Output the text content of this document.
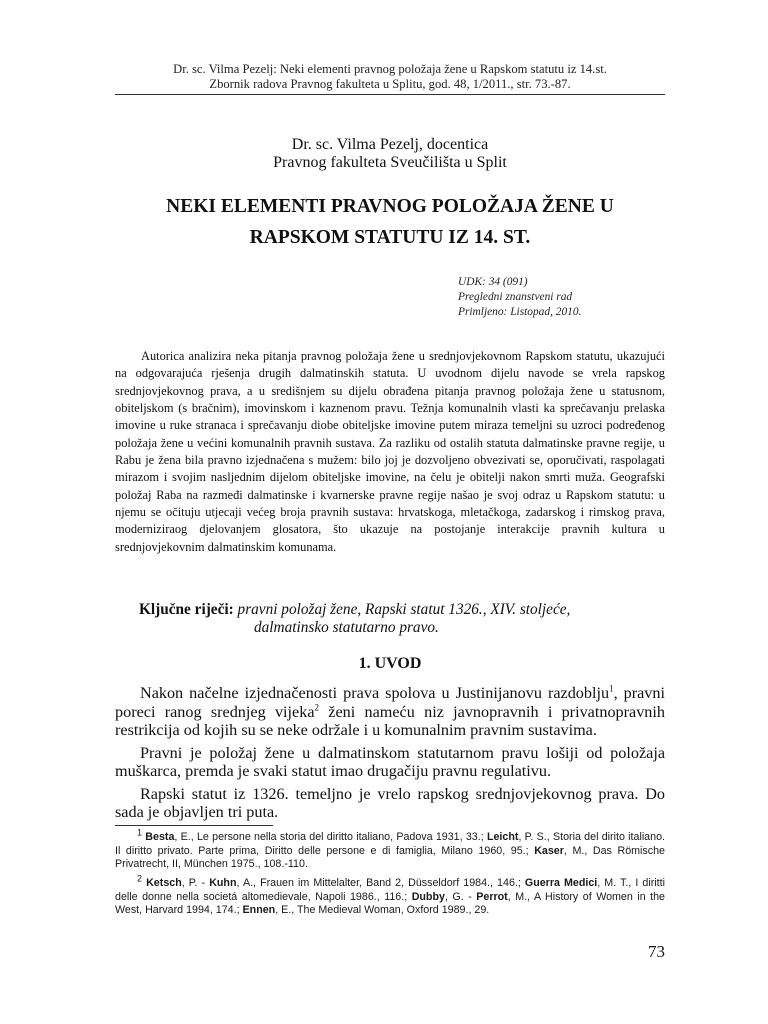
Dr. sc. Vilma Pezelj: Neki elementi pravnog položaja žene u Rapskom statutu iz 14.st.
Zbornik radova Pravnog fakulteta u Splitu, god. 48, 1/2011., str. 73.-87.
Dr. sc. Vilma Pezelj, docentica
Pravnog fakulteta Sveučilišta u Split
NEKI ELEMENTI PRAVNOG POLOŽAJA ŽENE U
RAPSKOM STATUTU IZ 14. ST.
UDK: 34 (091)
Pregledni znanstveni rad
Primljeno: Listopad, 2010.

Autorica analizira neka pitanja pravnog položaja žene u srednjovjekovnom Rapskom statutu, ukazujući na odgovarajuća rješenja drugih dalmatinskih statuta. U uvodnom dijelu navode se vrela rapskog srednjovjekovnog prava, a u središnjem su dijelu obrađena pitanja pravnog položaja žene u statusnom, obiteljskom (s bračnim), imovinskom i kaznenom pravu. Težnja komunalnih vlasti ka sprečavanju prelaska imovine u ruke stranaca i sprečavanju diobe obiteljske imovine putem miraza temeljni su uzroci podređenog položaja žene u većini komunalnih pravnih sustava. Za razliku od ostalih statuta dalmatinske pravne regije, u Rabu je žena bila pravno izjednačena s mužem: bilo joj je dozvoljeno obvezivati se, oporučivati, raspolagati mirazom i svojim nasljednim dijelom obiteljske imovine, na čelu je obitelji nakon smrti muža. Geografski položaj Raba na razmeđi dalmatinske i kvarnerske pravne regije našao je svoj odraz u Rapskom statutu: u njemu se očituju utjecaji većeg broja pravnih sustava: hrvatskoga, mletačkoga, zadarskog i rimskog prava, moderniziraog djelovanjem glosatora, što ukazuje na postojanje interakcije pravnih kultura u srednjovjekovnim dalmatinskim komunama.

Ključne riječi: pravni položaj žene, Rapski statut 1326., XIV. stoljeće,
dalmatinsko statutarno pravo.
1. UVOD

Nakon načelne izjednačenosti prava spolova u Justinijanovu razdoblju$^1$, pravni poreci ranog srednjeg vijeka$^2$ ženi nameću niz javnopravnih i privatnopravnih restrikcija od kojih su se neke održale i u komunalnim pravnim sustavima.

Pravni je položaj žene u dalmatinskom statutarnom pravu lošiji od položaja muškarca, premda je svaki statut imao drugačiju pravnu regulativu.

Rapski statut iz 1326. temeljno je vrelo rapskog srednjovjekovnog prava. Do sada je objavljen tri puta.

$^1$ Besta, E., Le persone nella storia del diritto italiano, Padova 1931, 33.; Leicht, P. S., Storia del dirito italiano. Il diritto privato. Parte prima, Diritto delle persone e di famiglia, Milano 1960, 95.; Kaser, M., Das Römische Privatrecht, II, München 1975., 108.-110.
$^2$ Ketsch, P. - Kuhn, A., Frauen im Mittelalter, Band 2, Düsseldorf 1984., 146.; Guerra Medici, M. T., I diritti delle donne nella societá altomedievale, Napoli 1986., 116.; Dubby, G. - Perrot, M., A History of Women in the West, Harvard 1994, 174.; Ennen, E., The Medieval Woman, Oxford 1989., 29.
73
